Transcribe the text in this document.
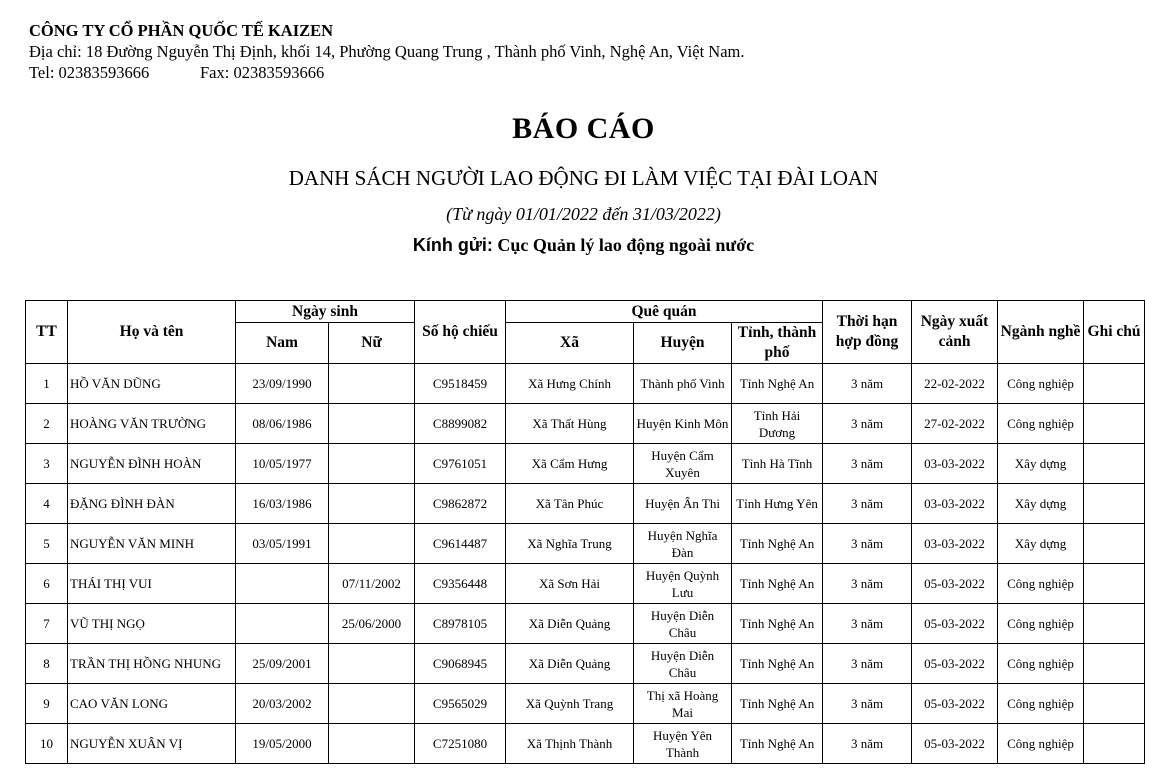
CÔNG TY CỔ PHẦN QUỐC TẾ KAIZEN
Địa chỉ: 18 Đường Nguyễn Thị Định, khối 14, Phường Quang Trung , Thành phố Vinh, Nghệ An, Việt Nam.
Tel: 02383593666	Fax: 02383593666
BÁO CÁO
DANH SÁCH NGƯỜI LAO ĐỘNG ĐI LÀM VIỆC TẠI ĐÀI LOAN
(Từ ngày 01/01/2022 đến 31/03/2022)
Kính gửi: Cục Quản lý lao động ngoài nước
TT	Họ và tên	Ngày sinh		Số hộ chiếu	Quê quán			Thời hạn hợp đồng	Ngày xuất cảnh	Ngành nghề	Ghi chú
		Nam	Nữ		Xã	Huyện	Tỉnh, thành phố				
1	HỒ VĂN DŨNG	23/09/1990		C9518459	Xã Hưng Chính	Thành phố Vinh	Tỉnh Nghệ An	3 năm	22-02-2022	Công nghiệp	
2	HOÀNG VĂN TRƯỜNG	08/06/1986		C8899082	Xã Thất Hùng	Huyện Kinh Môn	Tỉnh Hải Dương	3 năm	27-02-2022	Công nghiệp	
3	NGUYỄN ĐÌNH HOÀN	10/05/1977		C9761051	Xã Cẩm Hưng	Huyện Cẩm Xuyên	Tỉnh Hà Tĩnh	3 năm	03-03-2022	Xây dựng	
4	ĐẶNG ĐÌNH ĐÀN	16/03/1986		C9862872	Xã Tân Phúc	Huyện Ân Thi	Tỉnh Hưng Yên	3 năm	03-03-2022	Xây dựng	
5	NGUYỄN VĂN MINH	03/05/1991		C9614487	Xã Nghĩa Trung	Huyện Nghĩa Đàn	Tỉnh Nghệ An	3 năm	03-03-2022	Xây dựng	
6	THÁI THỊ VUI		07/11/2002	C9356448	Xã Sơn Hải	Huyện Quỳnh Lưu	Tỉnh Nghệ An	3 năm	05-03-2022	Công nghiệp	
7	VŨ THỊ NGỌ		25/06/2000	C8978105	Xã Diễn Quảng	Huyện Diễn Châu	Tỉnh Nghệ An	3 năm	05-03-2022	Công nghiệp	
8	TRẦN THỊ HỒNG NHUNG	25/09/2001		C9068945	Xã Diễn Quảng	Huyện Diễn Châu	Tỉnh Nghệ An	3 năm	05-03-2022	Công nghiệp	
9	CAO VĂN LONG	20/03/2002		C9565029	Xã Quỳnh Trang	Thị xã Hoàng Mai	Tỉnh Nghệ An	3 năm	05-03-2022	Công nghiệp	
10	NGUYỄN XUÂN VỊ	19/05/2000		C7251080	Xã Thịnh Thành	Huyện Yên Thành	Tỉnh Nghệ An	3 năm	05-03-2022	Công nghiệp	
